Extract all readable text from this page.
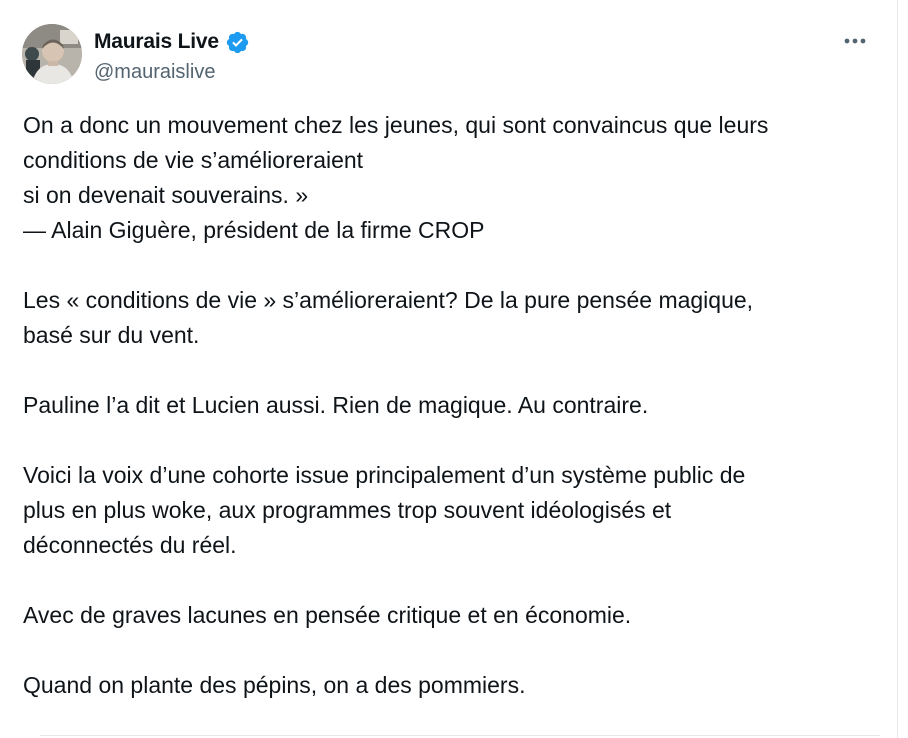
Maurais Live
@mauraislive

On a donc un mouvement chez les jeunes, qui sont convaincus que leurs
conditions de vie s’amélioreraient
si on devenait souverains. »
— Alain Giguère, président de la firme CROP

Les « conditions de vie » s’amélioreraient? De la pure pensée magique,
basé sur du vent.

Pauline l’a dit et Lucien aussi. Rien de magique. Au contraire.

Voici la voix d’une cohorte issue principalement d’un système public de
plus en plus woke, aux programmes trop souvent idéologisés et
déconnectés du réel.

Avec de graves lacunes en pensée critique et en économie.

Quand on plante des pépins, on a des pommiers.
